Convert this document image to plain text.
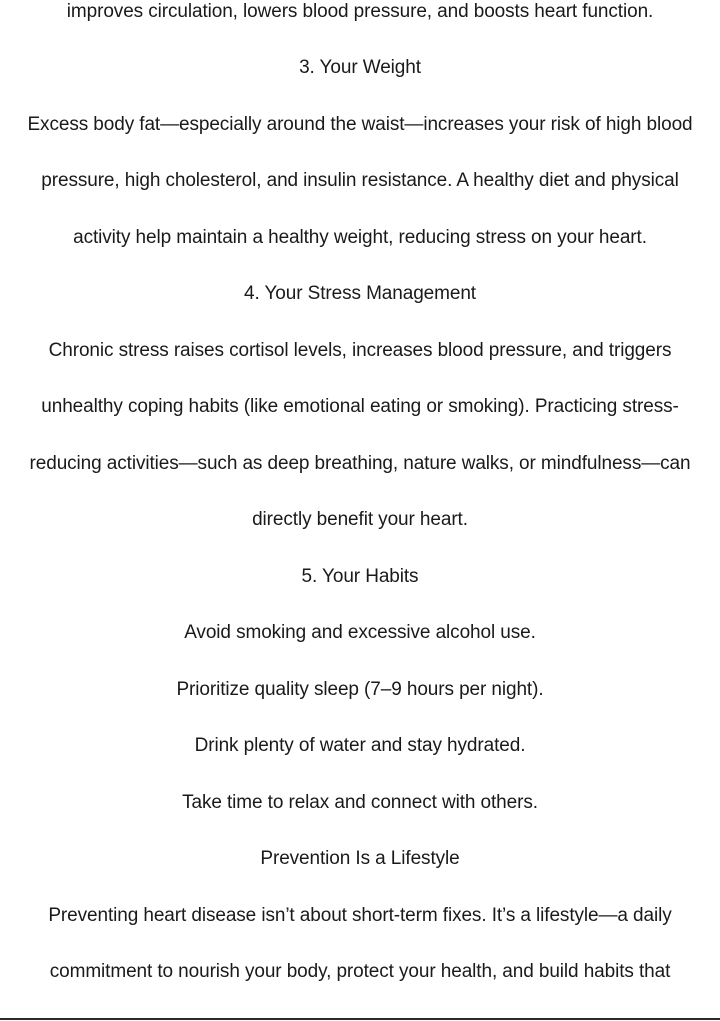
improves circulation, lowers blood pressure, and boosts heart function.
3. Your Weight
Excess body fat—especially around the waist—increases your risk of high blood
pressure, high cholesterol, and insulin resistance. A healthy diet and physical
activity help maintain a healthy weight, reducing stress on your heart.
4. Your Stress Management
Chronic stress raises cortisol levels, increases blood pressure, and triggers
unhealthy coping habits (like emotional eating or smoking). Practicing stress-
reducing activities—such as deep breathing, nature walks, or mindfulness—can
directly benefit your heart.
5. Your Habits
Avoid smoking and excessive alcohol use.
Prioritize quality sleep (7–9 hours per night).
Drink plenty of water and stay hydrated.
Take time to relax and connect with others.
Prevention Is a Lifestyle
Preventing heart disease isn’t about short-term fixes. It’s a lifestyle—a daily
commitment to nourish your body, protect your health, and build habits that
